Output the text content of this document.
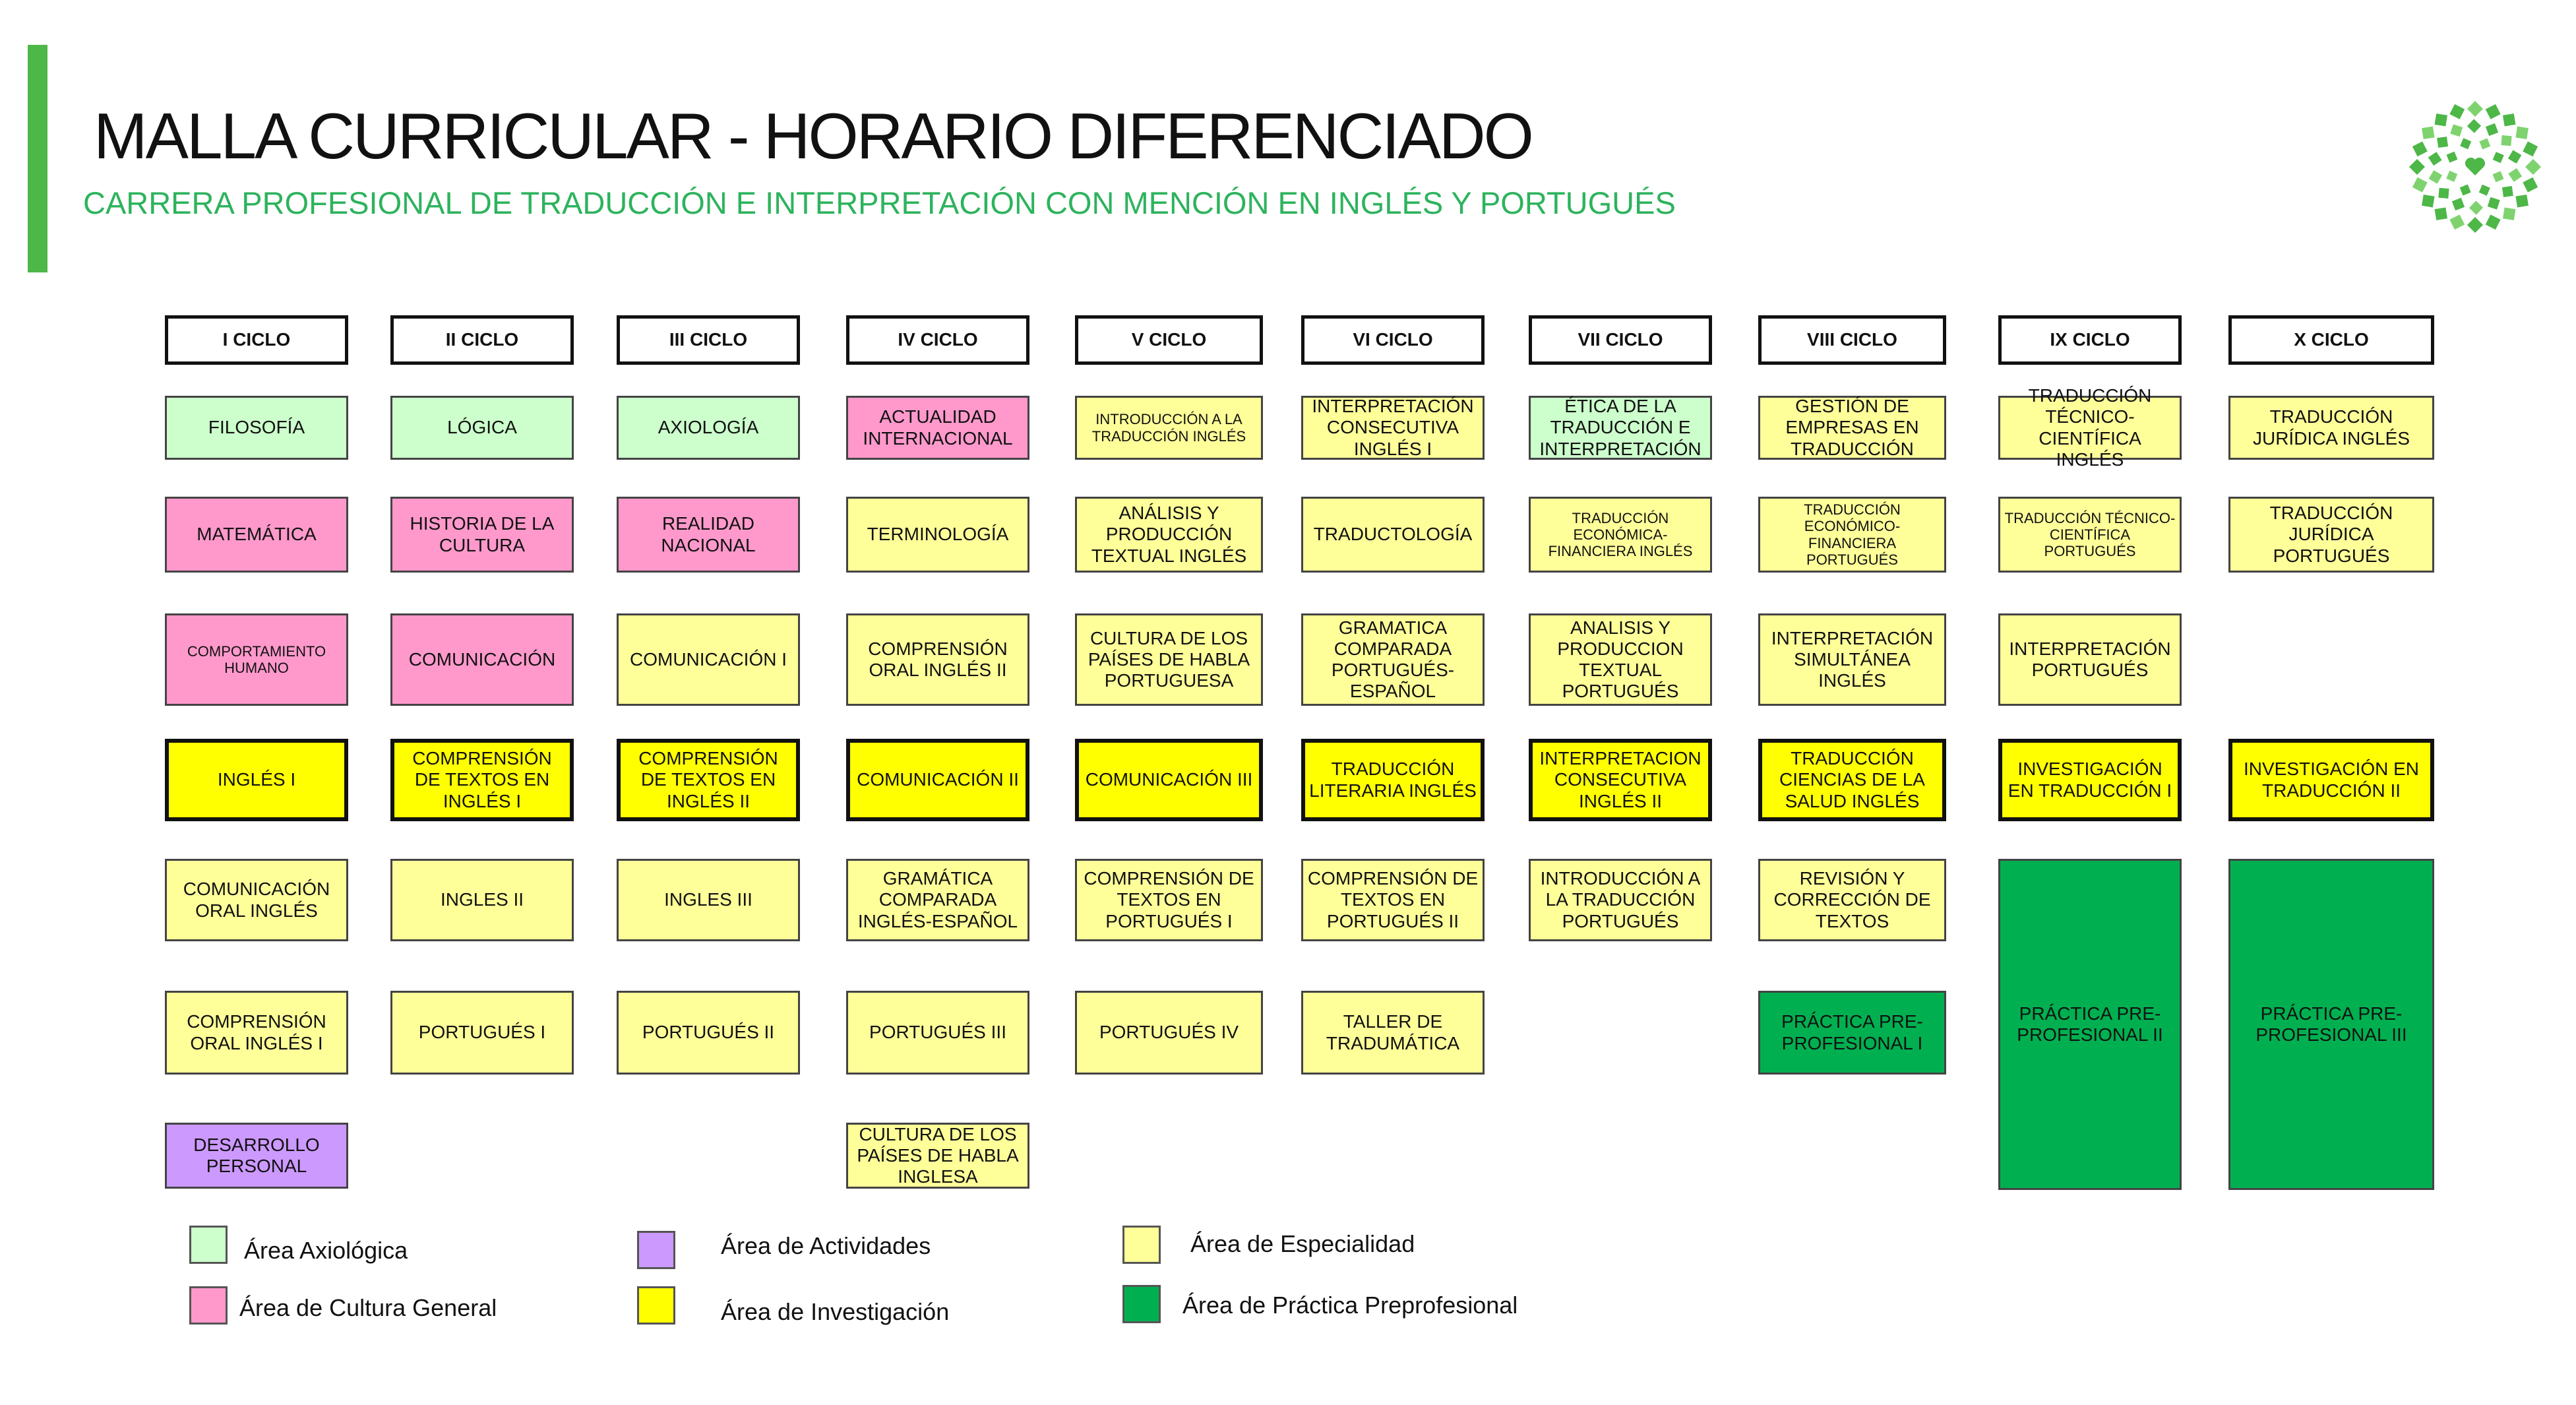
MALLA CURRICULAR - HORARIO DIFERENCIADO
CARRERA PROFESIONAL DE TRADUCCIÓN E INTERPRETACIÓN CON MENCIÓN EN INGLÉS Y PORTUGUÉS
I CICLO
FILOSOFÍA
MATEMÁTICA
COMPORTAMIENTO HUMANO
INGLÉS I
COMUNICACIÓN ORAL INGLÉS
COMPRENSIÓN ORAL INGLÉS I
DESARROLLO PERSONAL
II CICLO
LÓGICA
HISTORIA DE LA CULTURA
COMUNICACIÓN
COMPRENSIÓN DE TEXTOS EN INGLÉS I
INGLES II
PORTUGUÉS I
III CICLO
AXIOLOGÍA
REALIDAD NACIONAL
COMUNICACIÓN I
COMPRENSIÓN DE TEXTOS EN INGLÉS II
INGLES III
PORTUGUÉS II
IV CICLO
ACTUALIDAD INTERNACIONAL
TERMINOLOGÍA
COMPRENSIÓN ORAL INGLÉS II
COMUNICACIÓN II
GRAMÁTICA COMPARADA INGLÉS-ESPAÑOL
PORTUGUÉS III
CULTURA DE LOS PAÍSES DE HABLA INGLESA
V CICLO
INTRODUCCIÓN A LA TRADUCCIÓN INGLÉS
ANÁLISIS Y PRODUCCIÓN TEXTUAL INGLÉS
CULTURA DE LOS PAÍSES DE HABLA PORTUGUESA
COMUNICACIÓN III
COMPRENSIÓN DE TEXTOS EN PORTUGUÉS I
PORTUGUÉS IV
VI CICLO
INTERPRETACIÓN CONSECUTIVA INGLÉS I
TRADUCTOLOGÍA
GRAMATICA COMPARADA PORTUGUÉS-ESPAÑOL
TRADUCCIÓN LITERARIA INGLÉS
COMPRENSIÓN DE TEXTOS EN PORTUGUÉS II
TALLER DE TRADUMÁTICA
VII CICLO
ÉTICA DE LA TRADUCCIÓN E INTERPRETACIÓN
TRADUCCIÓN ECONÓMICA-FINANCIERA INGLÉS
ANALISIS Y PRODUCCION TEXTUAL PORTUGUÉS
INTERPRETACION CONSECUTIVA INGLÉS II
INTRODUCCIÓN A LA TRADUCCIÓN PORTUGUÉS
VIII CICLO
GESTIÓN DE EMPRESAS EN TRADUCCIÓN
TRADUCCIÓN ECONÓMICO-FINANCIERA PORTUGUÉS
INTERPRETACIÓN SIMULTÁNEA INGLÉS
TRADUCCIÓN CIENCIAS DE LA SALUD INGLÉS
REVISIÓN Y CORRECCIÓN DE TEXTOS
PRÁCTICA PRE-PROFESIONAL I
IX CICLO
TRADUCCIÓN TÉCNICO-CIENTÍFICA INGLÉS
TRADUCCIÓN TÉCNICO-CIENTÍFICA PORTUGUÉS
INTERPRETACIÓN PORTUGUÉS
INVESTIGACIÓN EN TRADUCCIÓN I
PRÁCTICA PRE-PROFESIONAL II
X CICLO
TRADUCCIÓN JURÍDICA INGLÉS
TRADUCCIÓN JURÍDICA PORTUGUÉS
INVESTIGACIÓN EN TRADUCCIÓN II
PRÁCTICA PRE-PROFESIONAL III
Área Axiológica
Área de Cultura General
Área de Actividades
Área de Investigación
Área de Especialidad
Área de Práctica Preprofesional
